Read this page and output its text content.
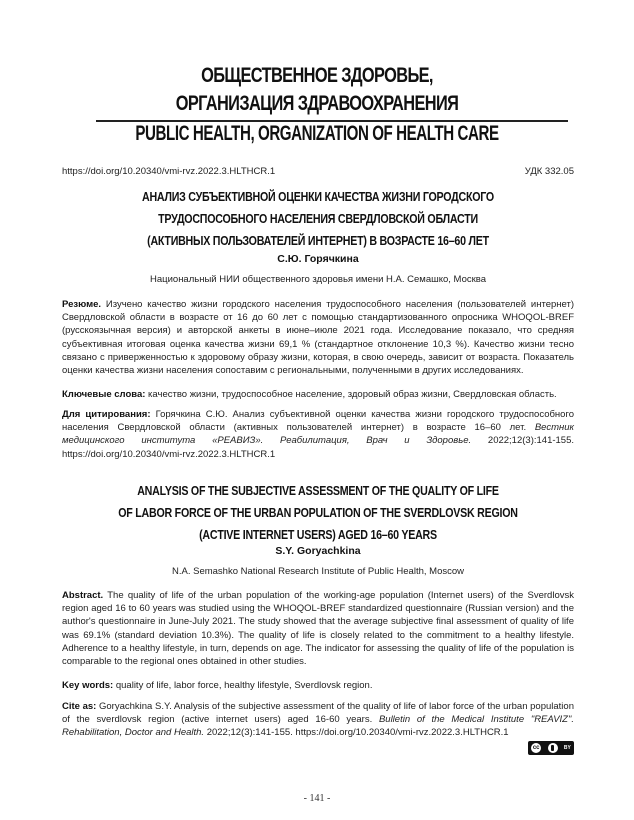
ОБЩЕСТВЕННОЕ ЗДОРОВЬЕ,
ОРГАНИЗАЦИЯ ЗДРАВООХРАНЕНИЯ
PUBLIC HEALTH, ORGANIZATION OF HEALTH CARE
https://doi.org/10.20340/vmi-rvz.2022.3.HLTHCR.1	УДК 332.05
АНАЛИЗ СУБЪЕКТИВНОЙ ОЦЕНКИ КАЧЕСТВА ЖИЗНИ ГОРОДСКОГО
ТРУДОСПОСОБНОГО НАСЕЛЕНИЯ СВЕРДЛОВСКОЙ ОБЛАСТИ
(АКТИВНЫХ ПОЛЬЗОВАТЕЛЕЙ ИНТЕРНЕТ) В ВОЗРАСТЕ 16–60 ЛЕТ
С.Ю. Горячкина
Национальный НИИ общественного здоровья имени Н.А. Семашко, Москва
Резюме. Изучено качество жизни городского населения трудоспособного населения (пользователей интернет) Свердловской области в возрасте от 16 до 60 лет с помощью стандартизованного опросника WHOQOL-BREF (русскоязычная версия) и авторской анкеты в июне–июле 2021 года. Исследование показало, что средняя субъективная итоговая оценка качества жизни 69,1 % (стандартное отклонение 10,3 %). Качество жизни тесно связано с приверженностью к здоровому образу жизни, которая, в свою очередь, зависит от возраста. Показатель оценки качества жизни населения сопоставим с региональными, полученными в других исследованиях.
Ключевые слова: качество жизни, трудоспособное население, здоровый образ жизни, Свердловская область.
Для цитирования: Горячкина С.Ю. Анализ субъективной оценки качества жизни городского трудоспособного населения Свердловской области (активных пользователей интернет) в возрасте 16–60 лет. Вестник медицинского института «РЕАВИЗ». Реабилитация, Врач и Здоровье. 2022;12(3):141-155. https://doi.org/10.20340/vmi-rvz.2022.3.HLTHCR.1
ANALYSIS OF THE SUBJECTIVE ASSESSMENT OF THE QUALITY OF LIFE
OF LABOR FORCE OF THE URBAN POPULATION OF THE SVERDLOVSK REGION
(ACTIVE INTERNET USERS) AGED 16–60 YEARS
S.Y. Goryachkina
N.A. Semashko National Research Institute of Public Health, Moscow
Abstract. The quality of life of the urban population of the working-age population (Internet users) of the Sverdlovsk region aged 16 to 60 years was studied using the WHOQOL-BREF standardized questionnaire (Russian version) and the author's questionnaire in June-July 2021. The study showed that the average subjective final assessment of quality of life was 69.1% (standard deviation 10.3%). The quality of life is closely related to the commitment to a healthy lifestyle. Adherence to a healthy lifestyle, in turn, depends on age. The indicator for assessing the quality of life of the population is comparable to the regional ones obtained in other studies.
Key words: quality of life, labor force, healthy lifestyle, Sverdlovsk region.
Cite as: Goryachkina S.Y. Analysis of the subjective assessment of the quality of life of labor force of the urban population of the sverdlovsk region (active internet users) aged 16-60 years. Bulletin of the Medical Institute "REAVIZ". Rehabilitation, Doctor and Health. 2022;12(3):141-155. https://doi.org/10.20340/vmi-rvz.2022.3.HLTHCR.1
cc	BY
- 141 -
